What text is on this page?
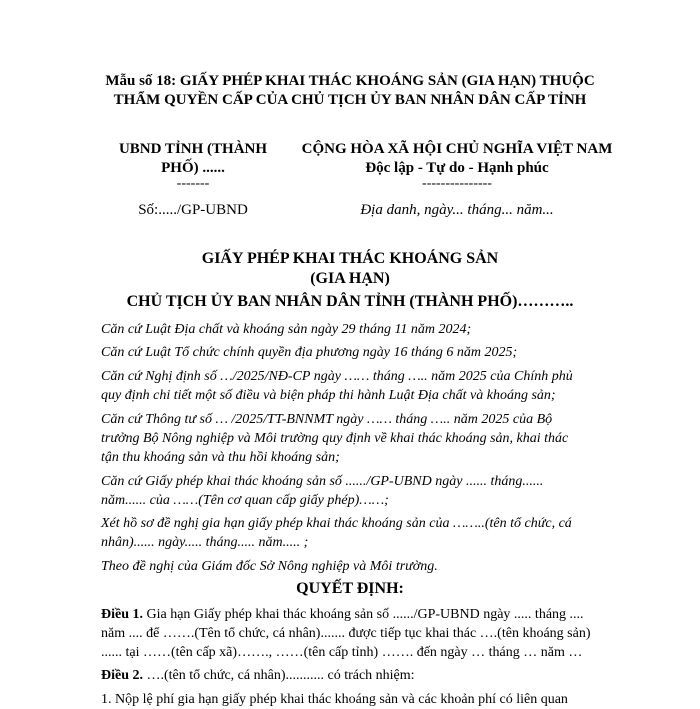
Mẫu số 18: GIẤY PHÉP KHAI THÁC KHOÁNG SẢN (GIA HẠN) THUỘC
THẨM QUYỀN CẤP CỦA CHỦ TỊCH ỦY BAN NHÂN DÂN CẤP TỈNH
UBND TỈNH (THÀNH
PHỐ) ......
-------
CỘNG HÒA XÃ HỘI CHỦ NGHĨA VIỆT NAM
Độc lập - Tự do - Hạnh phúc
---------------
Số:...../GP-UBND	Địa danh, ngày... tháng... năm...
GIẤY PHÉP KHAI THÁC KHOÁNG SẢN
(GIA HẠN)
CHỦ TỊCH ỦY BAN NHÂN DÂN TỈNH (THÀNH PHỐ)………..
Căn cứ Luật Địa chất và khoáng sản ngày 29 tháng 11 năm 2024;
Căn cứ Luật Tổ chức chính quyền địa phương ngày 16 tháng 6 năm 2025;
Căn cứ Nghị định số …/2025/NĐ-CP ngày …… tháng ….. năm 2025 của Chính phủ
quy định chi tiết một số điều và biện pháp thi hành Luật Địa chất và khoáng sản;
Căn cứ Thông tư số … /2025/TT-BNNMT ngày …… tháng ….. năm 2025 của Bộ
trưởng Bộ Nông nghiệp và Môi trường quy định về khai thác khoáng sản, khai thác
tận thu khoáng sản và thu hồi khoáng sản;
Căn cứ Giấy phép khai thác khoáng sản số ....../GP-UBND ngày ...... tháng......
năm...... của ……(Tên cơ quan cấp giấy phép)……;
Xét hồ sơ đề nghị gia hạn giấy phép khai thác khoáng sản của ……..(tên tổ chức, cá
nhân)...... ngày..... tháng..... năm..... ;
Theo đề nghị của Giám đốc Sở Nông nghiệp và Môi trường.
QUYẾT ĐỊNH:
Điều 1. Gia hạn Giấy phép khai thác khoáng sản số ....../GP-UBND ngày ..... tháng ....
năm .... để …….(Tên tổ chức, cá nhân)....... được tiếp tục khai thác ….(tên khoáng sản)
...... tại ……(tên cấp xã)……., ……(tên cấp tỉnh) ……. đến ngày … tháng … năm …
Điều 2. ….(tên tổ chức, cá nhân)........... có trách nhiệm:
1. Nộp lệ phí gia hạn giấy phép khai thác khoáng sản và các khoản phí có liên quan
